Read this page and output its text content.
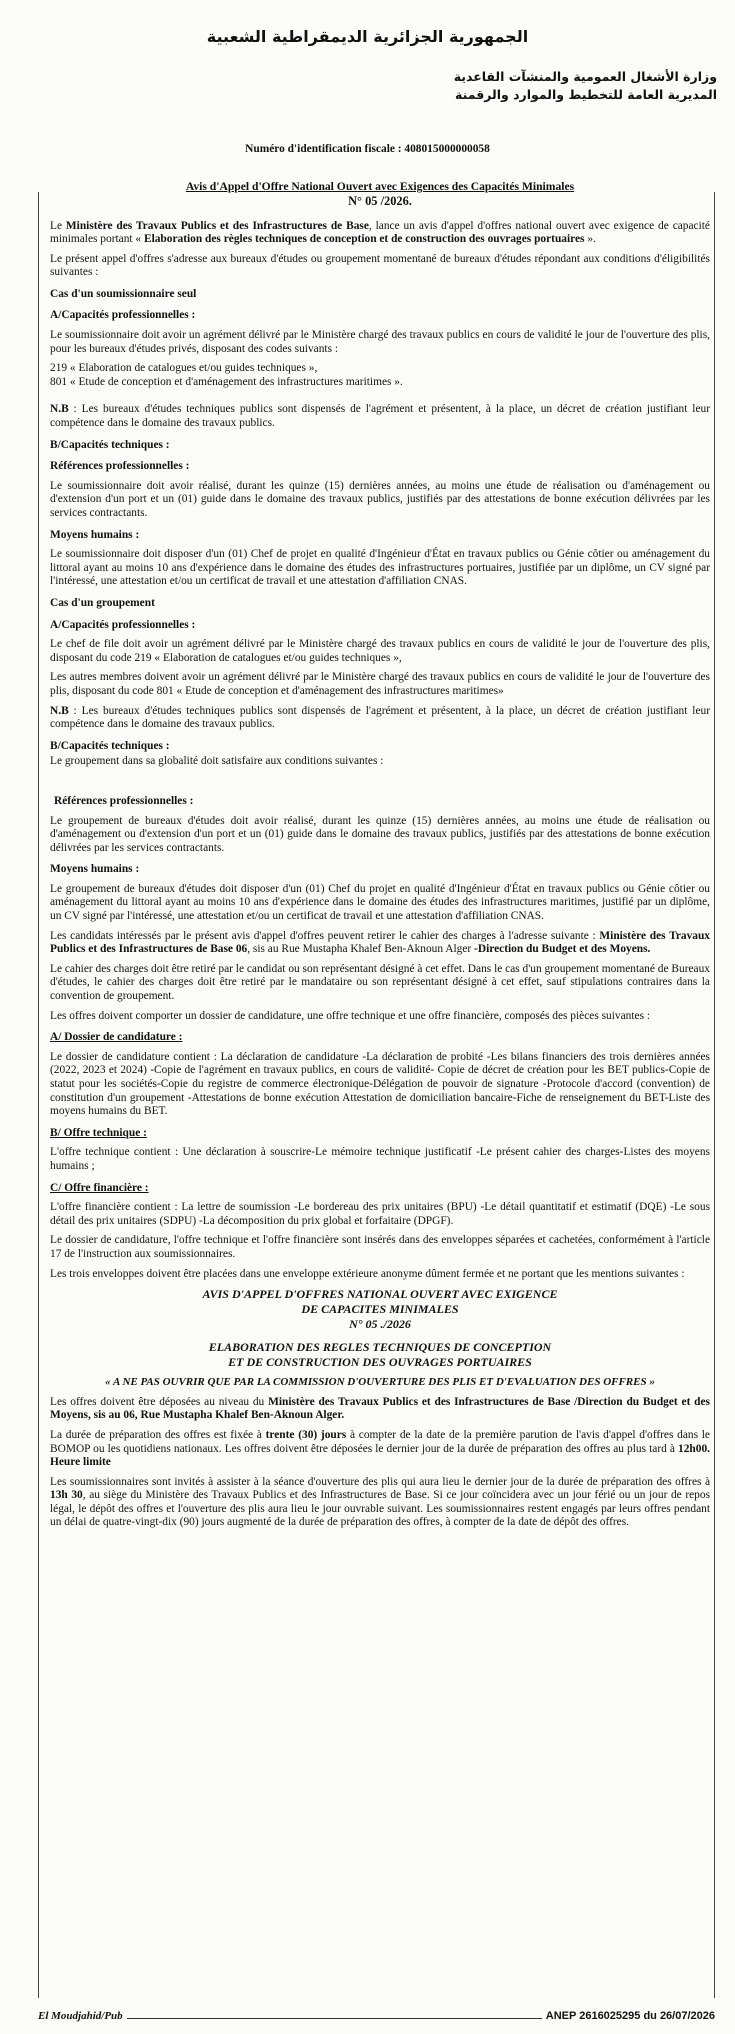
الجمهورية الجزائرية الديمقراطية الشعبية
وزارة الأشغال العمومية والمنشآت القاعدية
المديرية العامة للتخطيط والموارد والرقمنة
Numéro d'identification fiscale : 408015000000058
Avis d'Appel d'Offre National Ouvert avec Exigences des Capacités Minimales
N° 05 /2026.

Le Ministère des Travaux Publics et des Infrastructures de Base, lance un avis d'appel d'offres national ouvert avec exigence de capacité minimales portant « Elaboration des règles techniques de conception et de construction des ouvrages portuaires ».

Le présent appel d'offres s'adresse aux bureaux d'études ou groupement momentané de bureaux d'études répondant aux conditions d'éligibilités suivantes :

Cas d'un soumissionnaire seul
A/Capacités professionnelles :

Le soumissionnaire doit avoir un agrément délivré par le Ministère chargé des travaux publics en cours de validité le jour de l'ouverture des plis, pour les bureaux d'études privés, disposant des codes suivants :

219 « Elaboration de catalogues et/ou guides techniques »,

801 « Etude de conception et d'aménagement des infrastructures maritimes ».

N.B : Les bureaux d'études techniques publics sont dispensés de l'agrément et présentent, à la place, un décret de création justifiant leur compétence dans le domaine des travaux publics.

B/Capacités techniques :
Références professionnelles :

Le soumissionnaire doit avoir réalisé, durant les quinze (15) dernières années, au moins une étude de réalisation ou d'aménagement ou d'extension d'un port et un (01) guide dans le domaine des travaux publics, justifiés par des attestations de bonne exécution délivrées par les services contractants.

Moyens humains :

Le soumissionnaire doit disposer d'un (01) Chef de projet en qualité d'Ingénieur d'État en travaux publics ou Génie côtier ou aménagement du littoral ayant au moins 10 ans d'expérience dans le domaine des études des infrastructures portuaires, justifiée par un diplôme, un CV signé par l'intéressé, une attestation et/ou un certificat de travail et une attestation d'affiliation CNAS.

Cas d'un groupement
A/Capacités professionnelles :

Le chef de file doit avoir un agrément délivré par le Ministère chargé des travaux publics en cours de validité le jour de l'ouverture des plis, disposant du code 219 « Elaboration de catalogues et/ou guides techniques »,

Les autres membres doivent avoir un agrément délivré par le Ministère chargé des travaux publics en cours de validité le jour de l'ouverture des plis, disposant du code 801 « Etude de conception et d'aménagement des infrastructures maritimes»

N.B : Les bureaux d'études techniques publics sont dispensés de l'agrément et présentent, à la place, un décret de création justifiant leur compétence dans le domaine des travaux publics.

B/Capacités techniques :

Le groupement dans sa globalité doit satisfaire aux conditions suivantes :

Références professionnelles :

Le groupement de bureaux d'études doit avoir réalisé, durant les quinze (15) dernières années, au moins une étude de réalisation ou d'aménagement ou d'extension d'un port et un (01) guide dans le domaine des travaux publics, justifiés par des attestations de bonne exécution délivrées par les services contractants.

Moyens humains :

Le groupement de bureaux d'études doit disposer d'un (01) Chef du projet en qualité d'Ingénieur d'État en travaux publics ou Génie côtier ou aménagement du littoral ayant au moins 10 ans d'expérience dans le domaine des études des infrastructures maritimes, justifié par un diplôme, un CV signé par l'intéressé, une attestation et/ou un certificat de travail et une attestation d'affiliation CNAS.

Les candidats intéressés par le présent avis d'appel d'offres peuvent retirer le cahier des charges à l'adresse suivante : Ministère des Travaux Publics et des Infrastructures de Base 06, sis au Rue Mustapha Khalef Ben-Aknoun Alger -Direction du Budget et des Moyens.

Le cahier des charges doit être retiré par le candidat ou son représentant désigné à cet effet. Dans le cas d'un groupement momentané de Bureaux d'études, le cahier des charges doit être retiré par le mandataire ou son représentant désigné à cet effet, sauf stipulations contraires dans la convention de groupement.

Les offres doivent comporter un dossier de candidature, une offre technique et une offre financière, composés des pièces suivantes :

A/ Dossier de candidature :

Le dossier de candidature contient : La déclaration de candidature -La déclaration de probité -Les bilans financiers des trois dernières années (2022, 2023 et 2024) -Copie de l'agrément en travaux publics, en cours de validité- Copie de décret de création pour les BET publics-Copie de statut pour les sociétés-Copie du registre de commerce électronique-Délégation de pouvoir de signature -Protocole d'accord (convention) de constitution d'un groupement -Attestations de bonne exécution Attestation de domiciliation bancaire-Fiche de renseignement du BET-Liste des moyens humains du BET.

B/ Offre technique :

L'offre technique contient : Une déclaration à souscrire-Le mémoire technique justificatif -Le présent cahier des charges-Listes des moyens humains ;

C/ Offre financière :

L'offre financière contient : La lettre de soumission -Le bordereau des prix unitaires (BPU) -Le détail quantitatif et estimatif (DQE) -Le sous détail des prix unitaires (SDPU) -La décomposition du prix global et forfaitaire (DPGF).

Le dossier de candidature, l'offre technique et l'offre financière sont insérés dans des enveloppes séparées et cachetées, conformément à l'article 17 de l'instruction aux soumissionnaires.

Les trois enveloppes doivent être placées dans une enveloppe extérieure anonyme dûment fermée et ne portant que les mentions suivantes :

AVIS D'APPEL D'OFFRES NATIONAL OUVERT AVEC EXIGENCE
DE CAPACITES MINIMALES
N° 05 ./2026
ELABORATION DES REGLES TECHNIQUES DE CONCEPTION
ET DE CONSTRUCTION DES OUVRAGES PORTUAIRES
« A NE PAS OUVRIR QUE PAR LA COMMISSION D'OUVERTURE DES PLIS ET D'EVALUATION DES OFFRES »

Les offres doivent être déposées au niveau du Ministère des Travaux Publics et des Infrastructures de Base /Direction du Budget et des Moyens, sis au 06, Rue Mustapha Khalef Ben-Aknoun Alger.

La durée de préparation des offres est fixée à trente (30) jours à compter de la date de la première parution de l'avis d'appel d'offres dans le BOMOP ou les quotidiens nationaux. Les offres doivent être déposées le dernier jour de la durée de préparation des offres au plus tard à 12h00. Heure limite

Les soumissionnaires sont invités à assister à la séance d'ouverture des plis qui aura lieu le dernier jour de la durée de préparation des offres à 13h 30, au siège du Ministère des Travaux Publics et des Infrastructures de Base. Si ce jour coïncidera avec un jour férié ou un jour de repos légal, le dépôt des offres et l'ouverture des plis aura lieu le jour ouvrable suivant. Les soumissionnaires restent engagés par leurs offres pendant un délai de quatre-vingt-dix (90) jours augmenté de la durée de préparation des offres, à compter de la date de dépôt des offres.

El Moudjahid/Pub	ANEP 2616025295 du 26/07/2026
